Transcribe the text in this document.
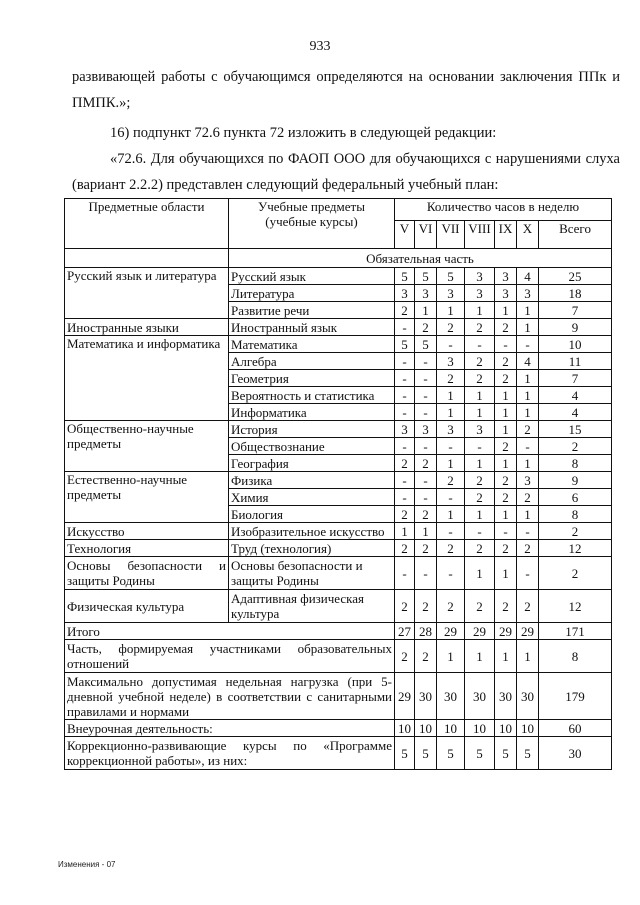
933
развивающей работы с обучающимся определяются на основании заключения ППк и ПМПК.»;
16) подпункт 72.6 пункта 72 изложить в следующей редакции:
«72.6. Для обучающихся по ФАОП ООО для обучающихся с нарушениями слуха (вариант 2.2.2) представлен следующий федеральный учебный план:
Предметные области	Учебные предметы (учебные курсы)	Количество часов в неделю						
		V	VI	VII	VIII	IX	X	Всего
	Обязательная часть							
Русский язык и литература	Русский язык	5	5	5	3	3	4	25
	Литература	3	3	3	3	3	3	18
	Развитие речи	2	1	1	1	1	1	7
Иностранные языки	Иностранный язык	-	2	2	2	2	1	9
Математика и информатика	Математика	5	5	-	-	-	-	10
	Алгебра	-	-	3	2	2	4	11
	Геометрия	-	-	2	2	2	1	7
	Вероятность и статистика	-	-	1	1	1	1	4
	Информатика	-	-	1	1	1	1	4
Общественно-научные предметы	История	3	3	3	3	1	2	15
	Обществознание	-	-	-	-	2	-	2
	География	2	2	1	1	1	1	8
Естественно-научные предметы	Физика	-	-	2	2	2	3	9
	Химия	-	-	-	2	2	2	6
	Биология	2	2	1	1	1	1	8
Искусство	Изобразительное искусство	1	1	-	-	-	-	2
Технология	Труд (технология)	2	2	2	2	2	2	12
Основы безопасности и защиты Родины	Основы безопасности и защиты Родины	-	-	-	1	1	-	2
Физическая культура	Адаптивная физическая культура	2	2	2	2	2	2	12
Итого		27	28	29	29	29	29	171
Часть, формируемая участниками образовательных отношений		2	2	1	1	1	1	8
Максимально допустимая недельная нагрузка (при 5-дневной учебной неделе) в соответствии с санитарными правилами и нормами		29	30	30	30	30	30	179
Внеурочная деятельность:		10	10	10	10	10	10	60
Коррекционно-развивающие курсы по «Программе коррекционной работы», из них:		5	5	5	5	5	5	30
Изменения - 07
